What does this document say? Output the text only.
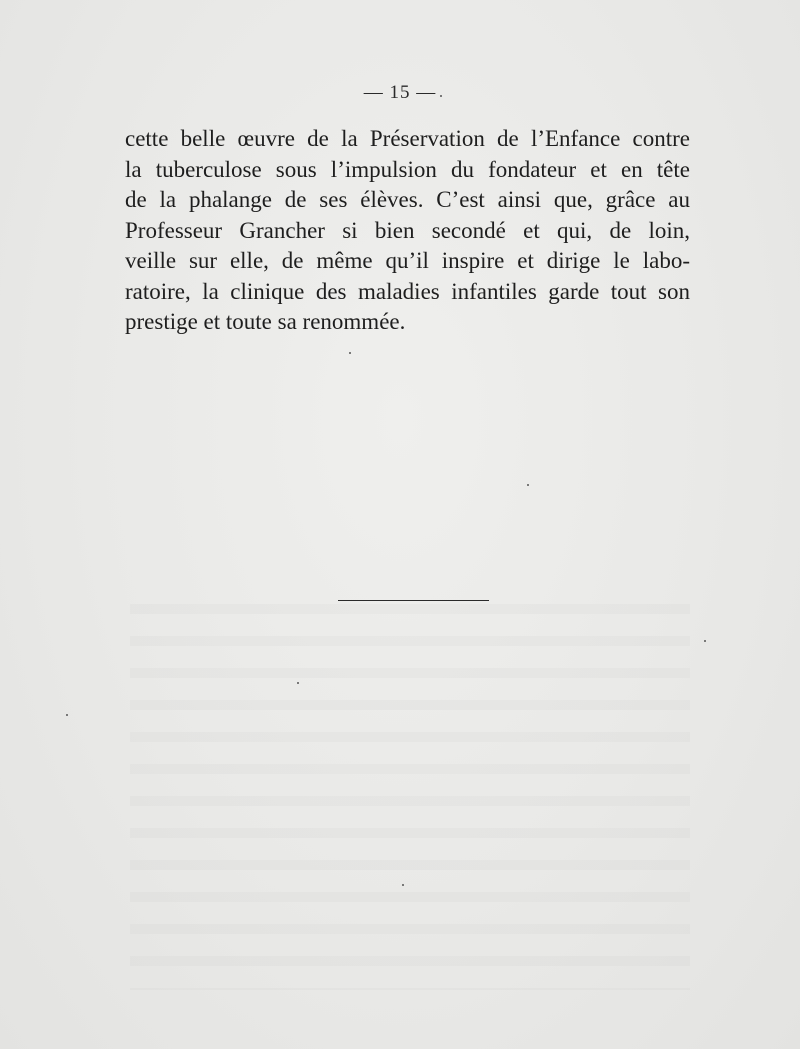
— 15 —
cette belle œuvre de la Préservation de l’Enfance contre
la tuberculose sous l’impulsion du fondateur et en tête
de la phalange de ses élèves. C’est ainsi que, grâce au
Professeur Grancher si bien secondé et qui, de loin,
veille sur elle, de même qu’il inspire et dirige le labo-
ratoire, la clinique des maladies infantiles garde tout son
prestige et toute sa renommée.
